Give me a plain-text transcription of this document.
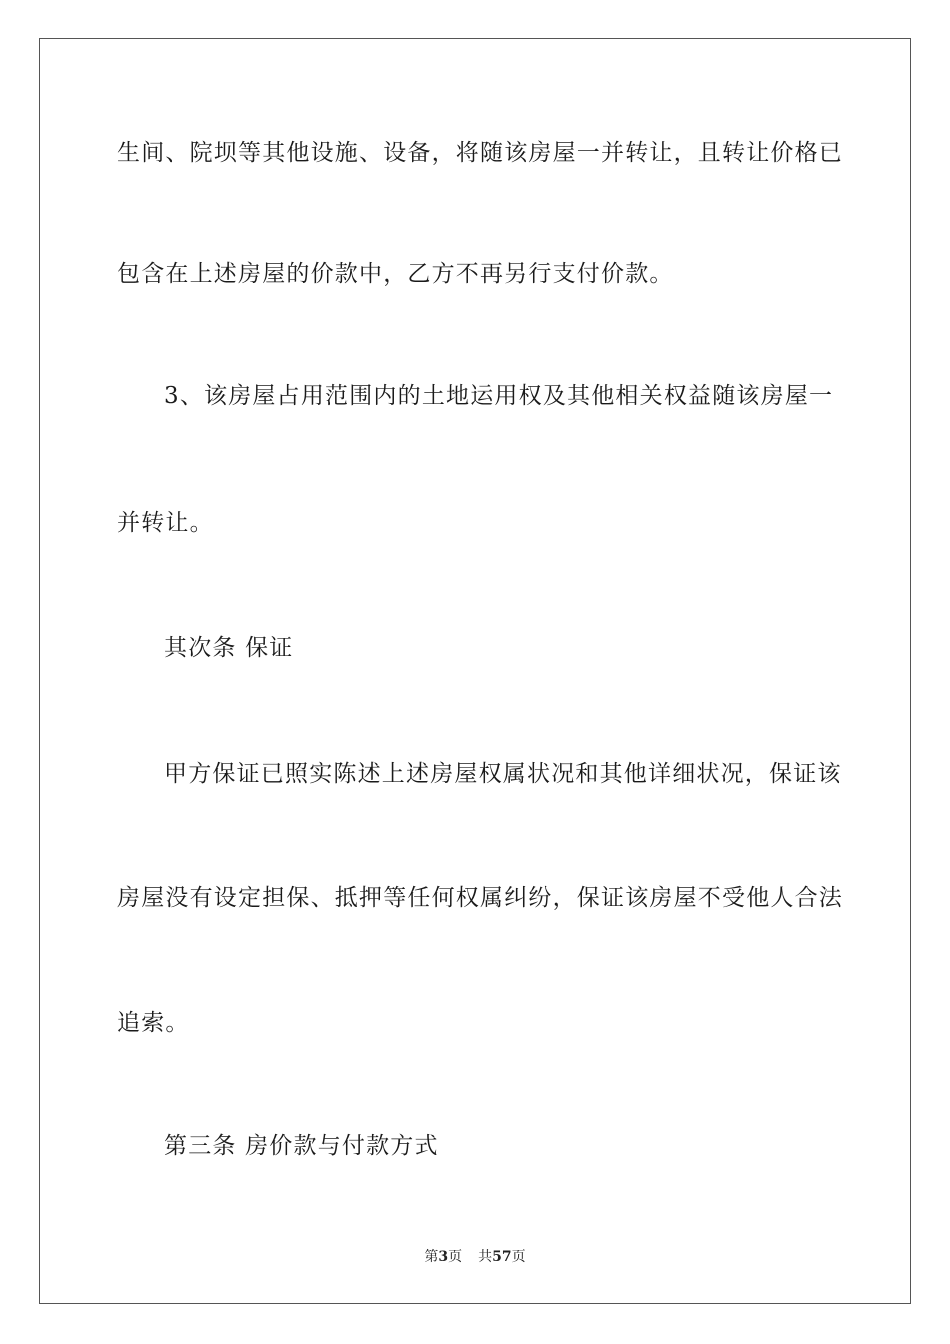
生间、院坝等其他设施、设备，将随该房屋一并转让，且转让价格已
包含在上述房屋的价款中，乙方不再另行支付价款。
3、该房屋占用范围内的土地运用权及其他相关权益随该房屋一
并转让。
其次条 保证
甲方保证已照实陈述上述房屋权属状况和其他详细状况，保证该
房屋没有设定担保、抵押等任何权属纠纷，保证该房屋不受他人合法
追索。
第三条 房价款与付款方式
第3页 共57页
